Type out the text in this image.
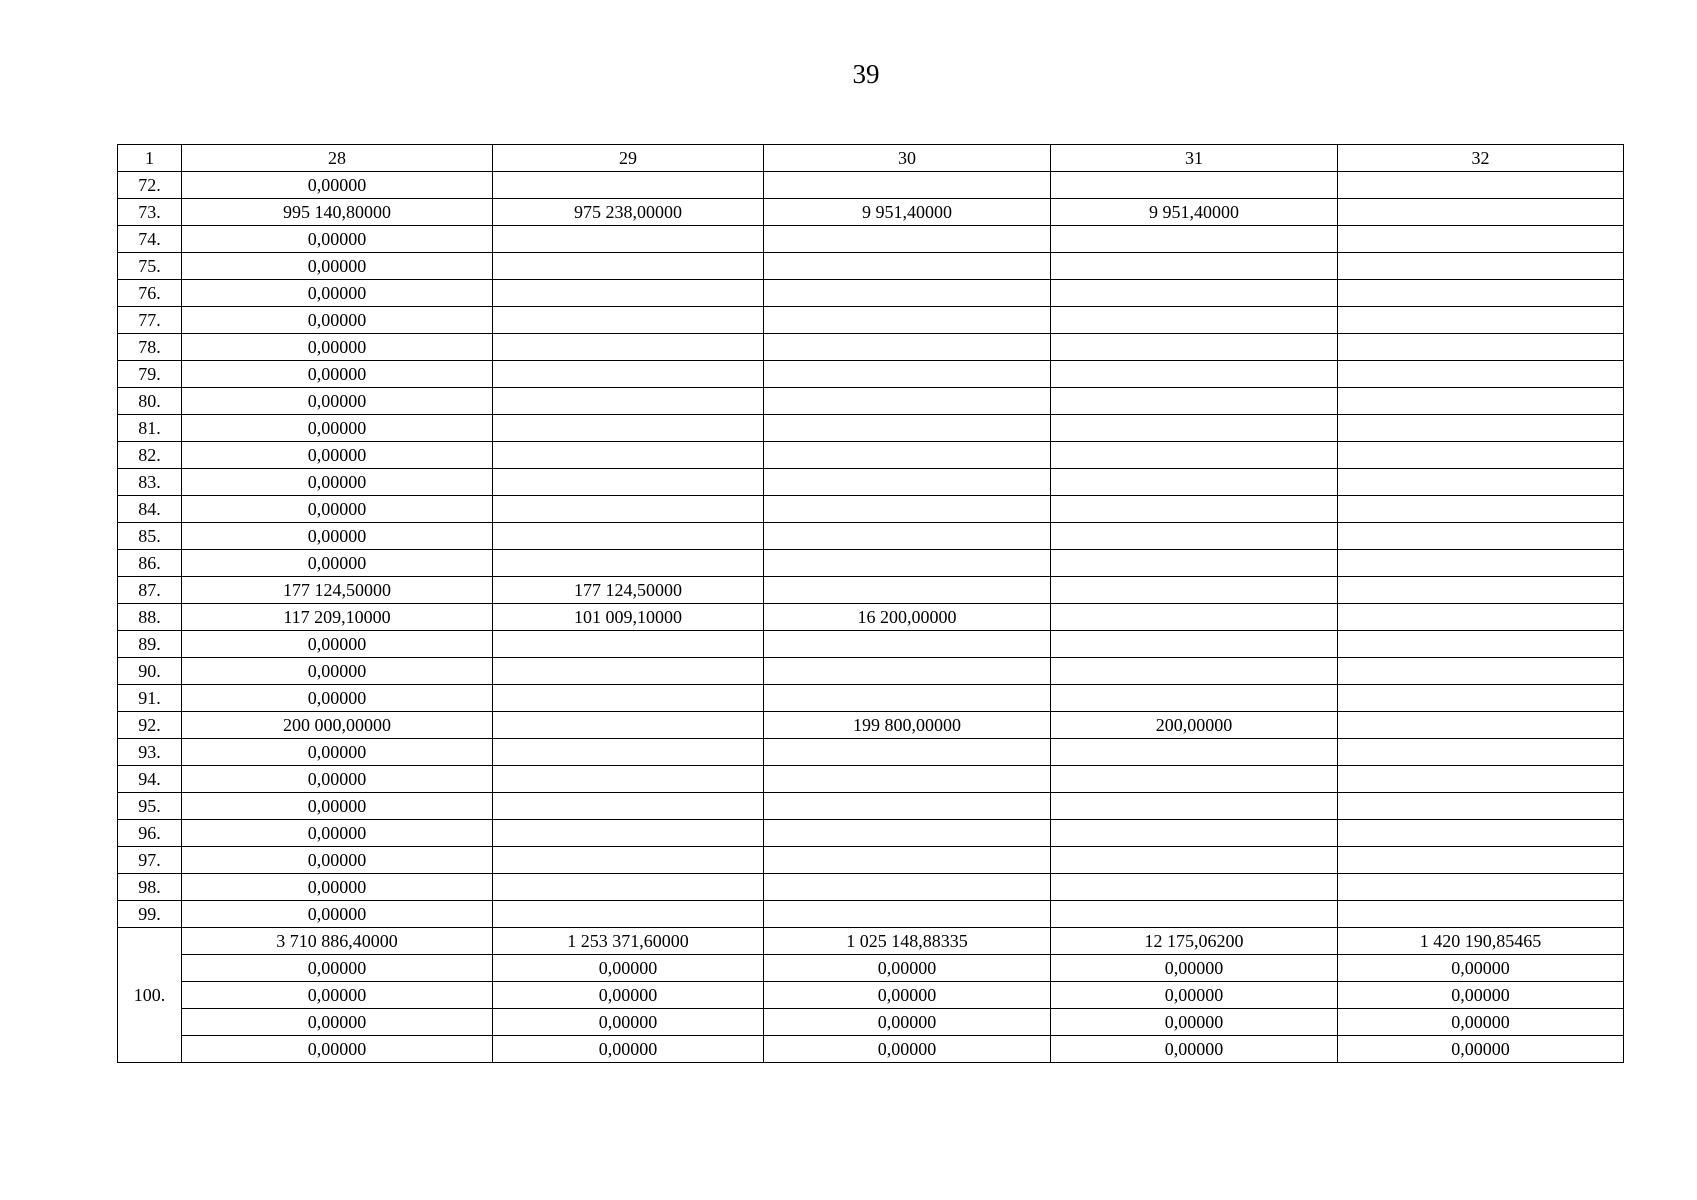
39
1	28	29	30	31	32
72.	0,00000				
73.	995 140,80000	975 238,00000	9 951,40000	9 951,40000	
74.	0,00000				
75.	0,00000				
76.	0,00000				
77.	0,00000				
78.	0,00000				
79.	0,00000				
80.	0,00000				
81.	0,00000				
82.	0,00000				
83.	0,00000				
84.	0,00000				
85.	0,00000				
86.	0,00000				
87.	177 124,50000	177 124,50000			
88.	117 209,10000	101 009,10000	16 200,00000		
89.	0,00000				
90.	0,00000				
91.	0,00000				
92.	200 000,00000		199 800,00000	200,00000	
93.	0,00000				
94.	0,00000				
95.	0,00000				
96.	0,00000				
97.	0,00000				
98.	0,00000				
99.	0,00000				
100.	3 710 886,40000	1 253 371,60000	1 025 148,88335	12 175,06200	1 420 190,85465
	0,00000	0,00000	0,00000	0,00000	0,00000
	0,00000	0,00000	0,00000	0,00000	0,00000
	0,00000	0,00000	0,00000	0,00000	0,00000
	0,00000	0,00000	0,00000	0,00000	0,00000
